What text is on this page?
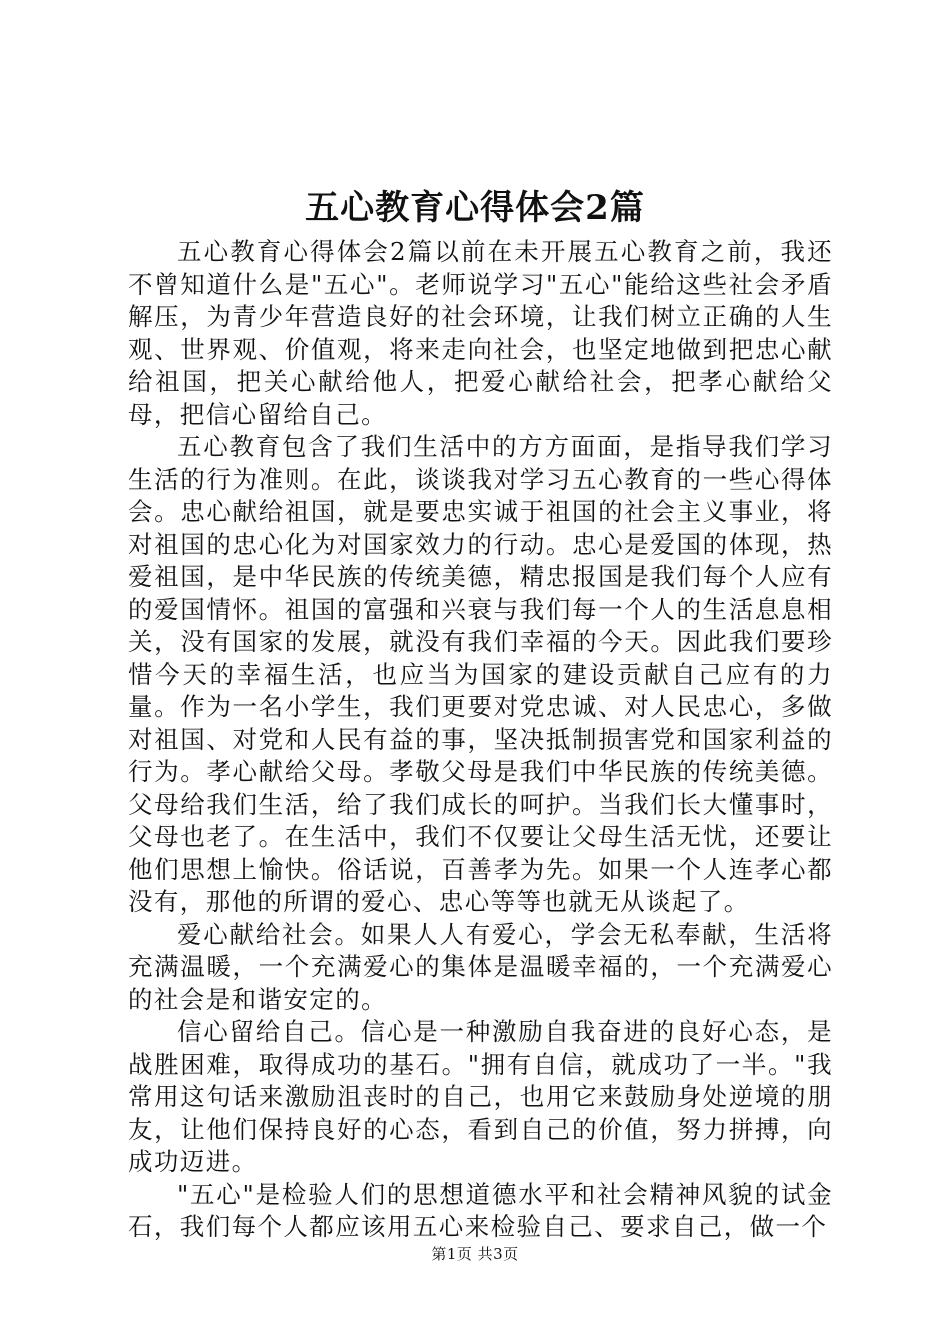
五心教育心得体会2篇

五心教育心得体会2篇以前在未开展五心教育之前，我还不曾知道什么是"五心"。老师说学习"五心"能给这些社会矛盾解压，为青少年营造良好的社会环境，让我们树立正确的人生观、世界观、价值观，将来走向社会，也坚定地做到把忠心献给祖国，把关心献给他人，把爱心献给社会，把孝心献给父母，把信心留给自己。

五心教育包含了我们生活中的方方面面，是指导我们学习生活的行为准则。在此，谈谈我对学习五心教育的一些心得体会。忠心献给祖国，就是要忠实诚于祖国的社会主义事业，将对祖国的忠心化为对国家效力的行动。忠心是爱国的体现，热爱祖国，是中华民族的传统美德，精忠报国是我们每个人应有的爱国情怀。祖国的富强和兴衰与我们每一个人的生活息息相关，没有国家的发展，就没有我们幸福的今天。因此我们要珍惜今天的幸福生活，也应当为国家的建设贡献自己应有的力量。作为一名小学生，我们更要对党忠诚、对人民忠心，多做对祖国、对党和人民有益的事，坚决抵制损害党和国家利益的行为。孝心献给父母。孝敬父母是我们中华民族的传统美德。父母给我们生活，给了我们成长的呵护。当我们长大懂事时，父母也老了。在生活中，我们不仅要让父母生活无忧，还要让他们思想上愉快。俗话说，百善孝为先。如果一个人连孝心都没有，那他的所谓的爱心、忠心等等也就无从谈起了。

爱心献给社会。如果人人有爱心，学会无私奉献，生活将充满温暖，一个充满爱心的集体是温暖幸福的，一个充满爱心的社会是和谐安定的。

信心留给自己。信心是一种激励自我奋进的良好心态，是战胜困难，取得成功的基石。"拥有自信，就成功了一半。"我常用这句话来激励沮丧时的自己，也用它来鼓励身处逆境的朋友，让他们保持良好的心态，看到自己的价值，努力拼搏，向成功迈进。

"五心"是检验人们的思想道德水平和社会精神风貌的试金石，我们每个人都应该用五心来检验自己、要求自己，做一个

第1页 共3页
